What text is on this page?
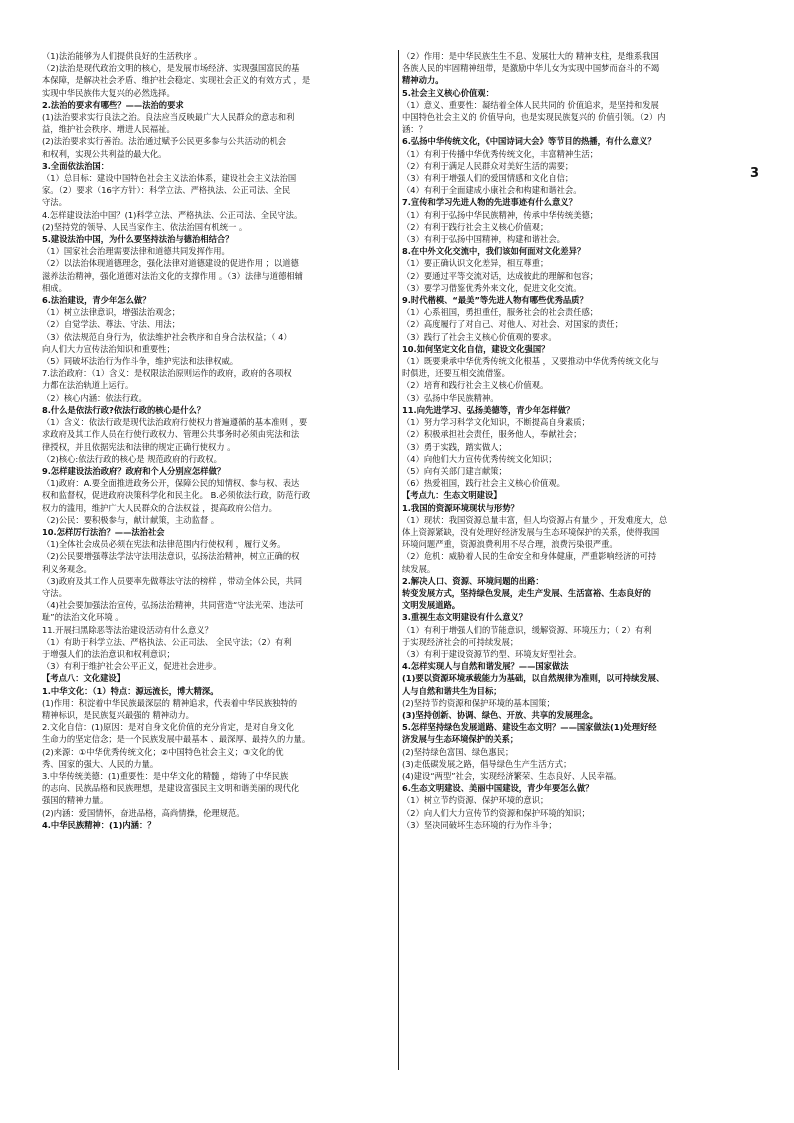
（1)法治能够为人们提供良好的生活秩序 。
（2)法治是现代政治文明的核心，是发展市场经济、实现强国富民的基
本保障，是解决社会矛盾、维护社会稳定、实现社会正义的有效方式 ，是
实现中华民族伟大复兴的必然选择。
2.法治的要求有哪些？——法治的要求
(1)法治要求实行良法之治。良法应当反映最广大人民群众的意志和利
益，维护社会秩序、增进人民福祉。
(2)法治要求实行善治。法治通过赋予公民更多参与公共活动的机会
和权利，实现公共利益的最大化。
3.全面依法治国：
（1）总目标：建设中国特色社会主义法治体系，建设社会主义法治国
家。（2）要求（16字方针）：科学立法、严格执法、公正司法、全民
守法。
4.怎样建设法治中国？(1)科学立法、严格执法、公正司法、全民守法。
(2)坚持党的领导、人民当家作主、依法治国有机统一 。
5.建设法治中国，为什么要坚持法治与德治相结合？
（1）国家社会治理需要法律和道德共同发挥作用。
（2）以法治体现道德理念，强化法律对道德建设的促进作用 ；以道德
滋养法治精神，强化道德对法治文化的支撑作用 。（3）法律与道德相辅
相成。
6.法治建设，青少年怎么做？
（1）树立法律意识，增强法治观念；
（2）自觉学法、尊法、守法、用法；
（3）依法规范自身行为，依法维护社会秩序和自身合法权益；（ 4）
向人们大力宣传法治知识和重要性；
（5）同破坏法治行为作斗争，维护宪法和法律权威。
7.法治政府：（1）含义：是权限法治原则运作的政府，政府的各项权
力都在法治轨道上运行。
（2）核心内涵：依法行政。
8.什么是依法行政?依法行政的核心是什么？
（1）含义：依法行政是现代法治政府行使权力普遍遵循的基本准则 ，要
求政府及其工作人员在行使行政权力、管理公共事务时必须由宪法和法
律授权，并且依据宪法和法律的规定正确行使权力 。
（2)核心:依法行政的核心是 规范政府的行政权。
9.怎样建设法治政府？政府和个人分别应怎样做？
（1)政府：A.要全面推进政务公开，保障公民的知情权、参与权、表达
权和监督权，促进政府决策科学化和民主化。 B.必须依法行政，防范行政
权力的滥用，维护广大人民群众的合法权益 ，提高政府公信力。
（2)公民：要积极参与，献计献策，主动监督 。
10.怎样厉行法治？——法治社会
（1)全体社会成员必须在宪法和法律范围内行使权利 ，履行义务。
（2)公民要增强尊法学法守法用法意识，弘扬法治精神，树立正确的权
利义务观念。
（3)政府及其工作人员要率先做尊法守法的榜样 ，带动全体公民，共同
守法。
（4)社会要加强法治宣传，弘扬法治精神，共同营造“守法光荣、违法可
耻”的法治文化环境 。
11.开展扫黑除恶等法治建设活动有什么意义？
（1）有助于科学立法、严格执法、公正司法、 全民守法；（2）有利
于增强人们的法治意识和权利意识；
（3）有利于维护社会公平正义，促进社会进步。
【考点八：文化建设】
1.中华文化：（1）特点：源远流长，博大精深。
(1)作用：积淀着中华民族最深层的 精神追求，代表着中华民族独特的
精神标识，是民族复兴最强的 精神动力。
2.文化自信：(1)原因：是对自身文化价值的充分肯定，是对自身文化
生命力的坚定信念；是一个民族发展中最基本 、最深厚、最持久的力量。
(2)来源：①中华优秀传统文化；②中国特色社会主义；③文化的优
秀、国家的强大、人民的力量。
3.中华传统美德：(1)重要性：是中华文化的精髓 ，熔铸了中华民族
的志向、民族品格和民族理想，是建设富强民主文明和谐美丽的现代化
强国的精神力量。
(2)内涵：爱国情怀，奋进品格，高尚情操，伦理规范。
4.中华民族精神：(1)内涵：？
（2）作用：是中华民族生生不息、发展壮大的 精神支柱，是维系我国
各族人民的牢固精神纽带，是激励中华儿女为实现中国梦而奋斗的不竭
精神动力。
5.社会主义核心价值观：
（1）意义、重要性：凝结着全体人民共同的 价值追求，是坚持和发展
中国特色社会主义的 价值导向，也是实现民族复兴的 价值引领。（2）内
涵：？
6.弘扬中华传统文化，《中国诗词大会》等节目的热播，有什么意义？
（1）有利于传播中华优秀传统文化，丰富精神生活；
（2）有利于满足人民群众对美好生活的需要；
（3）有利于增强人们的爱国情感和文化自信；
（4）有利于全面建成小康社会和构建和谐社会。
7.宣传和学习先进人物的先进事迹有什么意义？
（1）有利于弘扬中华民族精神，传承中华传统美德；
（2）有利于践行社会主义核心价值观；
（3）有利于弘扬中国精神，构建和谐社会。
8.在中外文化交流中，我们该如何面对文化差异？
（1）要正确认识文化差异，相互尊重；
（2）要通过平等交流对话，达成彼此的理解和包容；
（3）要学习借鉴优秀外来文化，促进文化交流。
9.时代楷模、“最美”等先进人物有哪些优秀品质？
（1）心系祖国，勇担重任，服务社会的社会责任感；
（2）高度履行了对自己、对他人、对社会、对国家的责任；
（3）践行了社会主义核心价值观的要求。
10.如何坚定文化自信，建设文化强国？
（1）既要秉承中华优秀传统文化根基 ，又要推动中华优秀传统文化与
时俱进，还要互相交流借鉴。
（2）培育和践行社会主义核心价值观。
（3）弘扬中华民族精神。
11.向先进学习、弘扬美德等，青少年怎样做？
（1）努力学习科学文化知识，不断提高自身素质；
（2）积极承担社会责任，服务他人，奉献社会；
（3）勇于实践，踏实做人；
（4）向他们大力宣传优秀传统文化知识；
（5）向有关部门建言献策；
（6）热爱祖国，践行社会主义核心价值观。
【考点九：生态文明建设】
1.我国的资源环境现状与形势？
（1）现状：我国资源总量丰富，但人均资源占有量少 ，开发难度大，总
体上资源紧缺，没有处理好经济发展与生态环境保护的关系，使得我国
环境问题严重，资源浪费利用不尽合理，浪费污染很严重。
（2）危机：威胁着人民的生命安全和身体健康，严重影响经济的可持
续发展。
2.解决人口、资源、环境问题的出路：
转变发展方式，坚持绿色发展，走生产发展、生活富裕、生态良好的
文明发展道路。
3.重视生态文明建设有什么意义？
（1）有利于增强人们的节能意识，缓解资源、环境压力；（ 2）有利
于实现经济社会的可持续发展；
（3）有利于建设资源节约型、环境友好型社会。
4.怎样实现人与自然和谐发展？——国家做法
(1)要以资源环境承载能力为基础，以自然规律为准则，以可持续发展、
人与自然和谐共生为目标；
(2)坚持节约资源和保护环境的基本国策；
(3)坚持创新、协调、绿色、开放、共享的发展理念。
5.怎样坚持绿色发展道路、建设生态文明？——国家做法(1)处理好经
济发展与生态环境保护的关系；
(2)坚持绿色富国、绿色惠民；
(3)走低碳发展之路，倡导绿色生产生活方式；
(4)建设“两型”社会，实现经济繁荣、生态良好、人民幸福。
6.生态文明建设、美丽中国建设，青少年要怎么做？
（1）树立节约资源、保护环境的意识；
（2）向人们大力宣传节约资源和保护环境的知识；
（3）坚决同破坏生态环境的行为作斗争；
3
